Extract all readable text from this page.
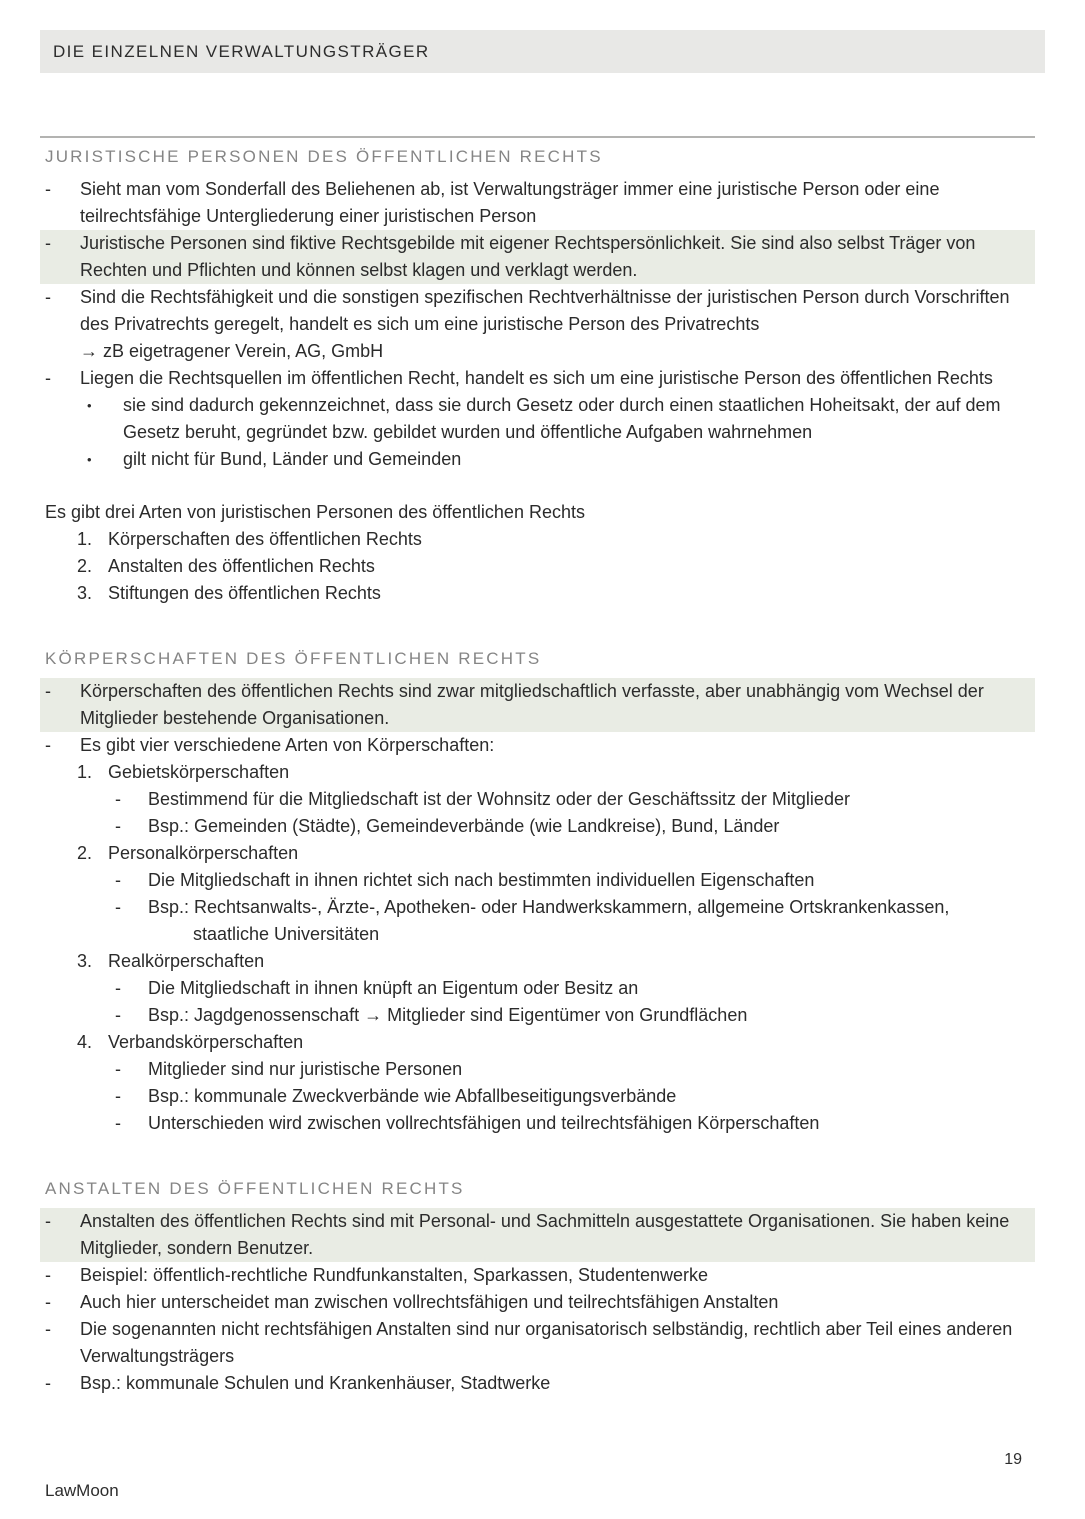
DIE EINZELNEN VERWALTUNGSTRÄGER
JURISTISCHE PERSONEN DES ÖFFENTLICHEN RECHTS
-	Sieht man vom Sonderfall des Beliehenen ab, ist Verwaltungsträger immer eine juristische Person oder eine
teilrechtsfähige Untergliederung einer juristischen Person
-	Juristische Personen sind fiktive Rechtsgebilde mit eigener Rechtspersönlichkeit. Sie sind also selbst Träger von
Rechten und Pflichten und können selbst klagen und verklagt werden.
-	Sind die Rechtsfähigkeit und die sonstigen spezifischen Rechtverhältnisse der juristischen Person durch Vorschriften
des Privatrechts geregelt, handelt es sich um eine juristische Person des Privatrechts
→ zB eigetragener Verein, AG, GmbH
-	Liegen die Rechtsquellen im öffentlichen Recht, handelt es sich um eine juristische Person des öffentlichen Rechts
•	sie sind dadurch gekennzeichnet, dass sie durch Gesetz oder durch einen staatlichen Hoheitsakt, der auf dem
Gesetz beruht, gegründet bzw. gebildet wurden und öffentliche Aufgaben wahrnehmen
•	gilt nicht für Bund, Länder und Gemeinden
Es gibt drei Arten von juristischen Personen des öffentlichen Rechts
1. Körperschaften des öffentlichen Rechts
2. Anstalten des öffentlichen Rechts
3. Stiftungen des öffentlichen Rechts
KÖRPERSCHAFTEN DES ÖFFENTLICHEN RECHTS
-	Körperschaften des öffentlichen Rechts sind zwar mitgliedschaftlich verfasste, aber unabhängig vom Wechsel der
Mitglieder bestehende Organisationen.
-	Es gibt vier verschiedene Arten von Körperschaften:
1. Gebietskörperschaften
-	Bestimmend für die Mitgliedschaft ist der Wohnsitz oder der Geschäftssitz der Mitglieder
-	Bsp.: Gemeinden (Städte), Gemeindeverbände (wie Landkreise), Bund, Länder
2. Personalkörperschaften
-	Die Mitgliedschaft in ihnen richtet sich nach bestimmten individuellen Eigenschaften
-	Bsp.: Rechtsanwalts-, Ärzte-, Apotheken- oder Handwerkskammern, allgemeine Ortskrankenkassen,
staatliche Universitäten
3. Realkörperschaften
-	Die Mitgliedschaft in ihnen knüpft an Eigentum oder Besitz an
-	Bsp.: Jagdgenossenschaft → Mitglieder sind Eigentümer von Grundflächen
4. Verbandskörperschaften
-	Mitglieder sind nur juristische Personen
-	Bsp.: kommunale Zweckverbände wie Abfallbeseitigungsverbände
-	Unterschieden wird zwischen vollrechtsfähigen und teilrechtsfähigen Körperschaften
ANSTALTEN DES ÖFFENTLICHEN RECHTS
-	Anstalten des öffentlichen Rechts sind mit Personal- und Sachmitteln ausgestattete Organisationen. Sie haben keine
Mitglieder, sondern Benutzer.
-	Beispiel: öffentlich-rechtliche Rundfunkanstalten, Sparkassen, Studentenwerke
-	Auch hier unterscheidet man zwischen vollrechtsfähigen und teilrechtsfähigen Anstalten
-	Die sogenannten nicht rechtsfähigen Anstalten sind nur organisatorisch selbständig, rechtlich aber Teil eines anderen
Verwaltungsträgers
-	Bsp.: kommunale Schulen und Krankenhäuser, Stadtwerke
19
LawMoon
